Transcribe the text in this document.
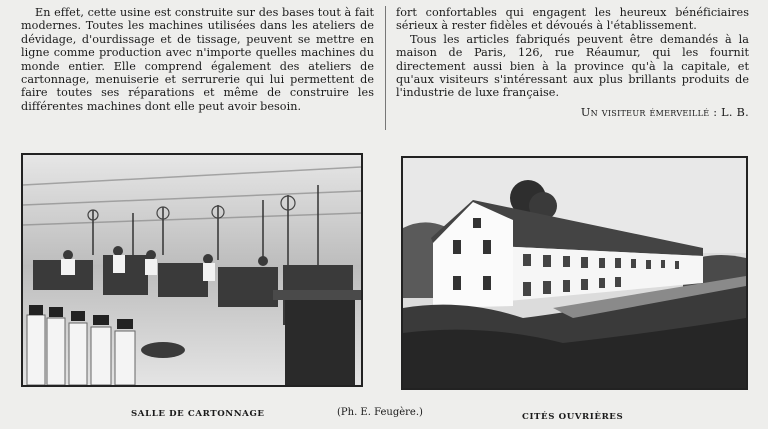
En effet, cette usine est construite sur des bases tout à fait modernes. Toutes les machines utilisées dans les ateliers de dévidage, d'ourdissage et de tissage, peuvent se mettre en ligne comme production avec n'importe quelles machines du monde entier. Elle comprend également des ateliers de cartonnage, menuiserie et serrurerie qui lui permettent de faire toutes ses réparations et même de construire les différentes machines dont elle peut avoir besoin.

fort confortables qui engagent les heureux bénéficiaires sérieux à rester fidèles et dévoués à l'établissement.

Tous les articles fabriqués peuvent être demandés à la maison de Paris, 126, rue Réaumur, qui les fournit directement aussi bien à la province qu'à la capitale, et qu'aux visiteurs s'intéressant aux plus brillants produits de l'industrie de luxe française.

Un visiteur émerveillé : L. B.
SALLE DE CARTONNAGE	(Ph. E. Feugère.)	CITÉS OUVRIÈRES
